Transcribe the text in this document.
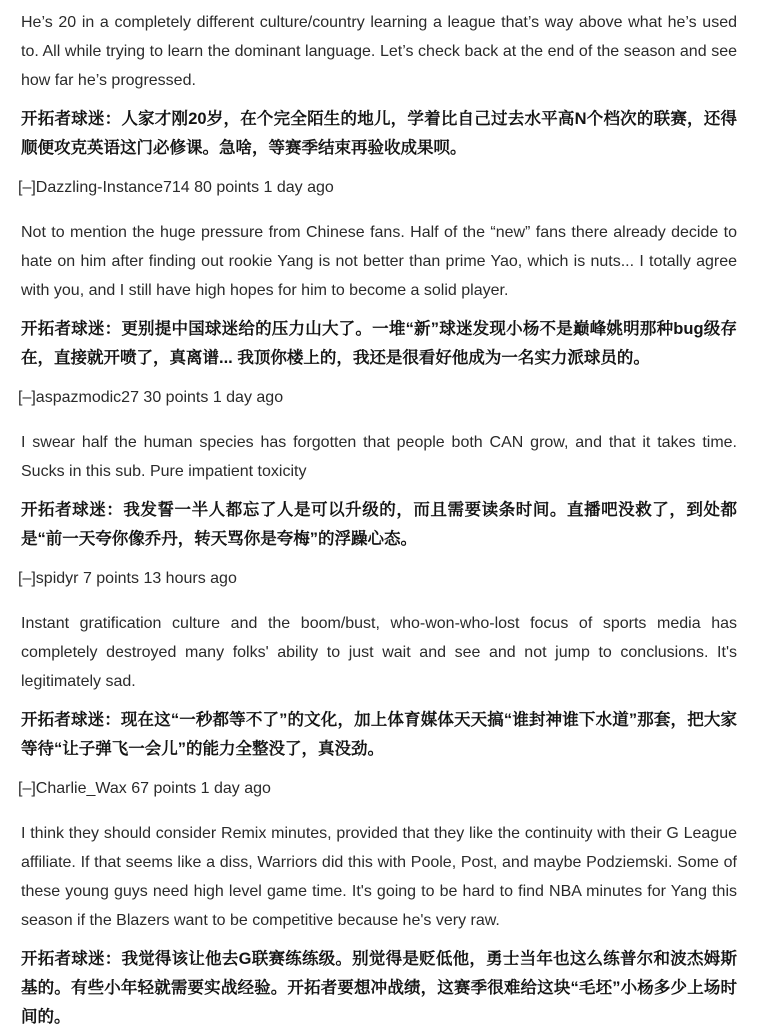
He’s 20 in a completely different culture/country learning a league that’s way above what he’s used to. All while trying to learn the dominant language. Let’s check back at the end of the season and see how far he’s progressed.

开拓者球迷：人家才刚20岁，在个完全陌生的地儿，学着比自己过去水平高N个档次的联赛，还得顺便攻克英语这门必修课。急啥，等赛季结束再验收成果呗。

[–]Dazzling-Instance714 80 points 1 day ago

Not to mention the huge pressure from Chinese fans. Half of the “new” fans there already decide to hate on him after finding out rookie Yang is not better than prime Yao, which is nuts... I totally agree with you, and I still have high hopes for him to become a solid player.

开拓者球迷：更别提中国球迷给的压力山大了。一堆“新”球迷发现小杨不是巅峰姚明那种bug级存在，直接就开喷了，真离谱... 我顶你楼上的，我还是很看好他成为一名实力派球员的。

[–]aspazmodic27 30 points 1 day ago

I swear half the human species has forgotten that people both CAN grow, and that it takes time. Sucks in this sub. Pure impatient toxicity

开拓者球迷：我发誓一半人都忘了人是可以升级的，而且需要读条时间。直播吧没救了，到处都是“前一天夸你像乔丹，转天骂你是夸梅”的浮躁心态。

[–]spidyr 7 points 13 hours ago

Instant gratification culture and the boom/bust, who-won-who-lost focus of sports media has completely destroyed many folks' ability to just wait and see and not jump to conclusions. It's legitimately sad.

开拓者球迷：现在这“一秒都等不了”的文化，加上体育媒体天天搞“谁封神谁下水道”那套，把大家等待“让子弹飞一会儿”的能力全整没了，真没劲。

[–]Charlie_Wax 67 points 1 day ago

I think they should consider Remix minutes, provided that they like the continuity with their G League affiliate. If that seems like a diss, Warriors did this with Poole, Post, and maybe Podziemski. Some of these young guys need high level game time. It's going to be hard to find NBA minutes for Yang this season if the Blazers want to be competitive because he's very raw.

开拓者球迷：我觉得该让他去G联赛练练级。别觉得是贬低他，勇士当年也这么练普尔和波杰姆斯基的。有些小年轻就需要实战经验。开拓者要想冲战绩，这赛季很难给这块“毛坯”小杨多少上场时间的。
